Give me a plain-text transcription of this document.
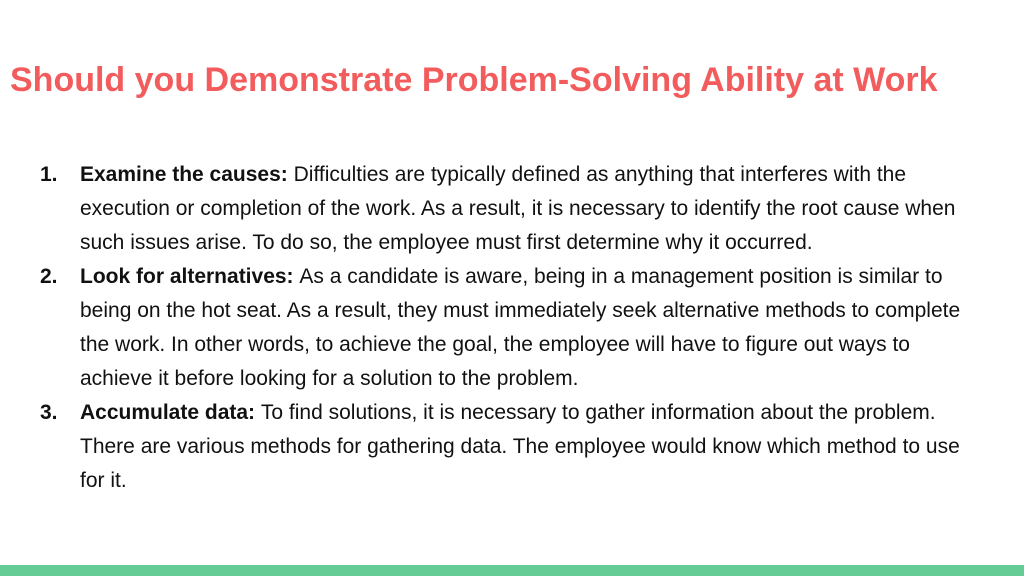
Should you Demonstrate Problem-Solving Ability at Work
1. Examine the causes: Difficulties are typically defined as anything that interferes with the execution or completion of the work. As a result, it is necessary to identify the root cause when such issues arise. To do so, the employee must first determine why it occurred.
2. Look for alternatives: As a candidate is aware, being in a management position is similar to being on the hot seat. As a result, they must immediately seek alternative methods to complete the work. In other words, to achieve the goal, the employee will have to figure out ways to achieve it before looking for a solution to the problem.
3. Accumulate data: To find solutions, it is necessary to gather information about the problem. There are various methods for gathering data. The employee would know which method to use for it.
